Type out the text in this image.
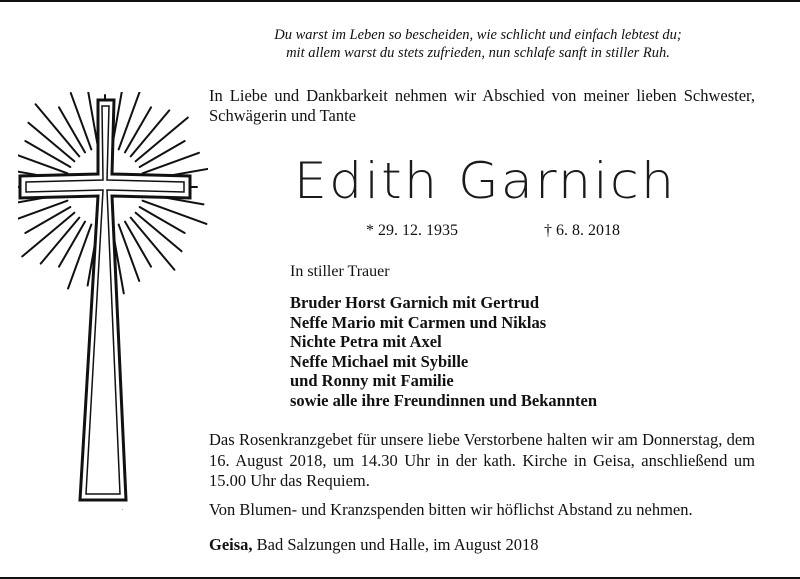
Du warst im Leben so bescheiden, wie schlicht und einfach lebtest du;
mit allem warst du stets zufrieden, nun schlafe sanft in stiller Ruh.
.
In Liebe und Dankbarkeit nehmen wir Abschied von meiner lieben Schwester, Schwägerin und Tante
Edith Garnich
* 29. 12. 1935	† 6. 8. 2018
In stiller Trauer
Bruder Horst Garnich mit Gertrud
Neffe Mario mit Carmen und Niklas
Nichte Petra mit Axel
Neffe Michael mit Sybille
und Ronny mit Familie
sowie alle ihre Freundinnen und Bekannten
Das Rosenkranzgebet für unsere liebe Verstorbene halten wir am Donnerstag, dem 16. August 2018, um 14.30 Uhr in der kath. Kirche in Geisa, anschließend um 15.00 Uhr das Requiem.
Von Blumen- und Kranzspenden bitten wir höflichst Abstand zu nehmen.
Geisa, Bad Salzungen und Halle, im August 2018
